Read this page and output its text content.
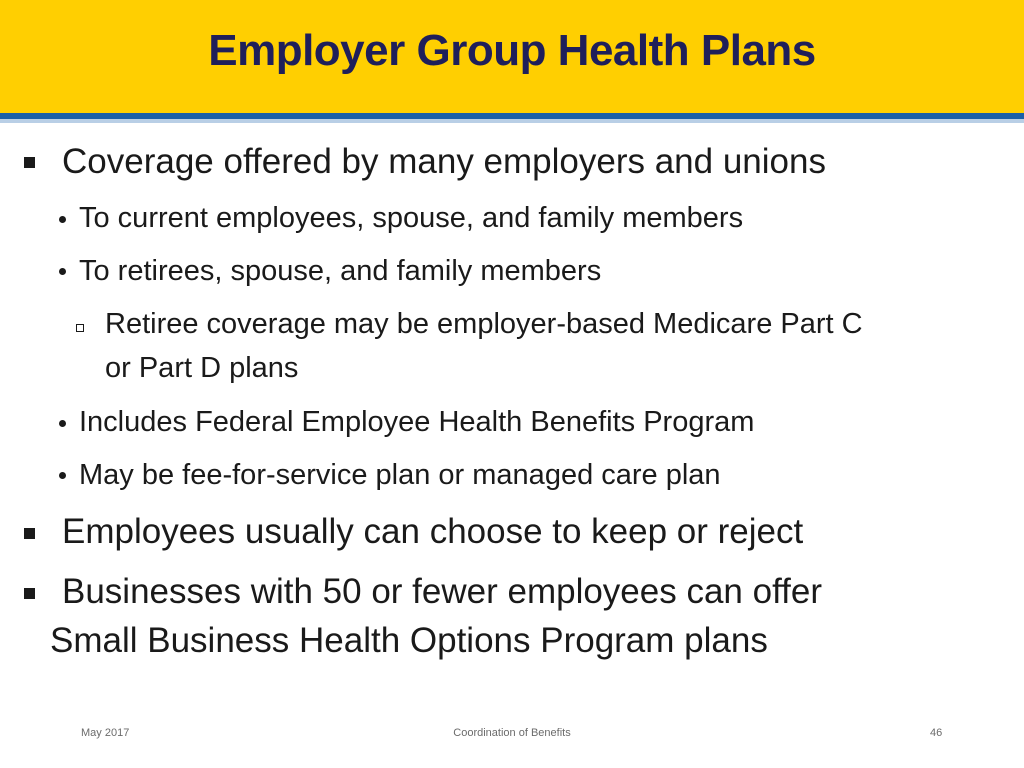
Employer Group Health Plans
Coverage offered by many employers and unions
To current employees, spouse, and family members
To retirees, spouse, and family members
Retiree coverage may be employer-based Medicare Part C
or Part D plans
Includes Federal Employee Health Benefits Program
May be fee-for-service plan or managed care plan
Employees usually can choose to keep or reject
Businesses with 50 or fewer employees can offer
Small Business Health Options Program plans
May 2017	Coordination of Benefits	46
